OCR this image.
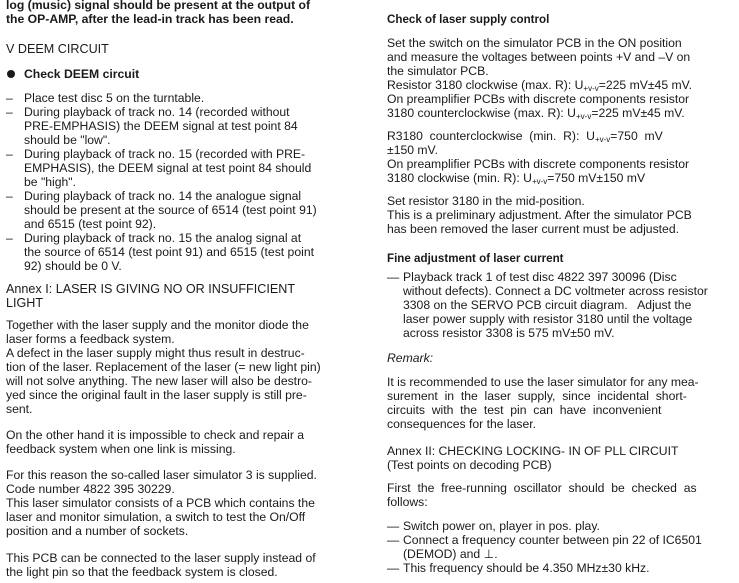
log (music) signal should be present at the output of

the OP-AMP, after the lead-in track has been read.

V DEEM CIRCUIT

Check DEEM circuit

– Place test disc 5 on the turntable.

– During playback of track no. 14 (recorded without

PRE-EMPHASIS) the DEEM signal at test point 84

should be "low".

– During playback of track no. 15 (recorded with PRE-

EMPHASIS), the DEEM signal at test point 84 should

be "high".

– During playback of track no. 14 the analogue signal

should be present at the source of 6514 (test point 91)

and 6515 (test point 92).

– During playback of track no. 15 the analog signal at

the source of 6514 (test point 91) and 6515 (test point

92) should be 0 V.

Annex I: LASER IS GIVING NO OR INSUFFICIENT

LIGHT

Together with the laser supply and the monitor diode the

laser forms a feedback system.

A defect in the laser supply might thus result in destruc-

tion of the laser. Replacement of the laser (= new light pin)

will not solve anything. The new laser will also be destro-

yed since the original fault in the laser supply is still pre-

sent.

On the other hand it is impossible to check and repair a

feedback system when one link is missing.

For this reason the so-called laser simulator 3 is supplied.

Code number 4822 395 30229.

This laser simulator consists of a PCB which contains the

laser and monitor simulation, a switch to test the On/Off

position and a number of sockets.

This PCB can be connected to the laser supply instead of

the light pin so that the feedback system is closed.

Check of laser supply control

Set the switch on the simulator PCB in the ON position

and measure the voltages between points +V and –V on

the simulator PCB.

Resistor 3180 clockwise (max. R): $U_{+v-v}=225$ mV±45 mV.

On preamplifier PCBs with discrete components resistor

3180 counterclockwise (max. R): $U_{+v-v}=225$ mV±45 mV.

R3180  counterclockwise  (min.  R):  $U_{+v-v}=750$  mV

±150 mV.

On preamplifier PCBs with discrete components resistor

3180 clockwise (min. R): $U_{+v-v}=750$ mV±150 mV

Set resistor 3180 in the mid-position.

This is a preliminary adjustment. After the simulator PCB

has been removed the laser current must be adjusted.

Fine adjustment of laser current

— Playback track 1 of test disc 4822 397 30096 (Disc

without defects). Connect a DC voltmeter across resistor

3308 on the SERVO PCB circuit diagram.   Adjust the

laser power supply with resistor 3180 until the voltage

across resistor 3308 is 575 mV±50 mV.

Remark:

It is recommended to use the laser simulator for any mea-

surement  in  the  laser  supply,  since  incidental  short-

circuits  with  the  test  pin  can  have  inconvenient

consequences for the laser.

Annex II: CHECKING LOCKING- IN OF PLL CIRCUIT

(Test points on decoding PCB)

First  the  free-running  oscillator  should  be  checked  as

follows:

— Switch power on, player in pos. play.

— Connect a frequency counter between pin 22 of IC6501

(DEMOD) and ⊥.

— This frequency should be 4.350 MHz±30 kHz.
